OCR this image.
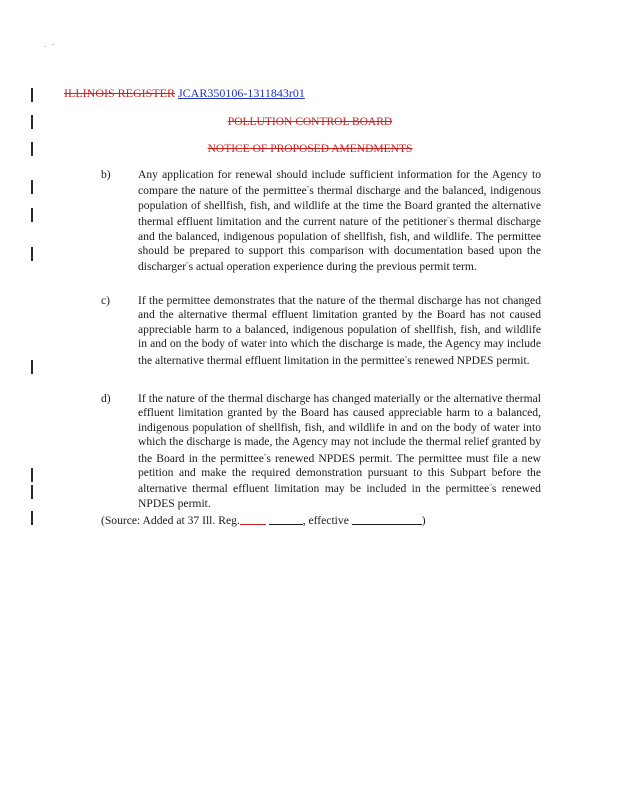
ILLINOIS REGISTER JCAR350106-1311843r01
POLLUTION CONTROL BOARD
NOTICE OF PROPOSED AMENDMENTS
b) Any application for renewal should include sufficient information for the Agency to compare the nature of the permittee''s thermal discharge and the balanced, indigenous population of shellfish, fish, and wildlife at the time the Board granted the alternative thermal effluent limitation and the current nature of the petitioner''s thermal discharge and the balanced, indigenous population of shellfish, fish, and wildlife. The permittee should be prepared to support this comparison with documentation based upon the discharger''s actual operation experience during the previous permit term.
c) If the permittee demonstrates that the nature of the thermal discharge has not changed and the alternative thermal effluent limitation granted by the Board has not caused appreciable harm to a balanced, indigenous population of shellfish, fish, and wildlife in and on the body of water into which the discharge is made, the Agency may include the alternative thermal effluent limitation in the permittee''s renewed NPDES permit.
d) If the nature of the thermal discharge has changed materially or the alternative thermal effluent limitation granted by the Board has caused appreciable harm to a balanced, indigenous population of shellfish, fish, and wildlife in and on the body of water into which the discharge is made, the Agency may not include the thermal relief granted by the Board in the permittee''s renewed NPDES permit. The permittee must file a new petition and make the required demonstration pursuant to this Subpart before the alternative thermal effluent limitation may be included in the permittee''s renewed NPDES permit.
(Source: Added at 37 Ill. Reg.	, effective	)
